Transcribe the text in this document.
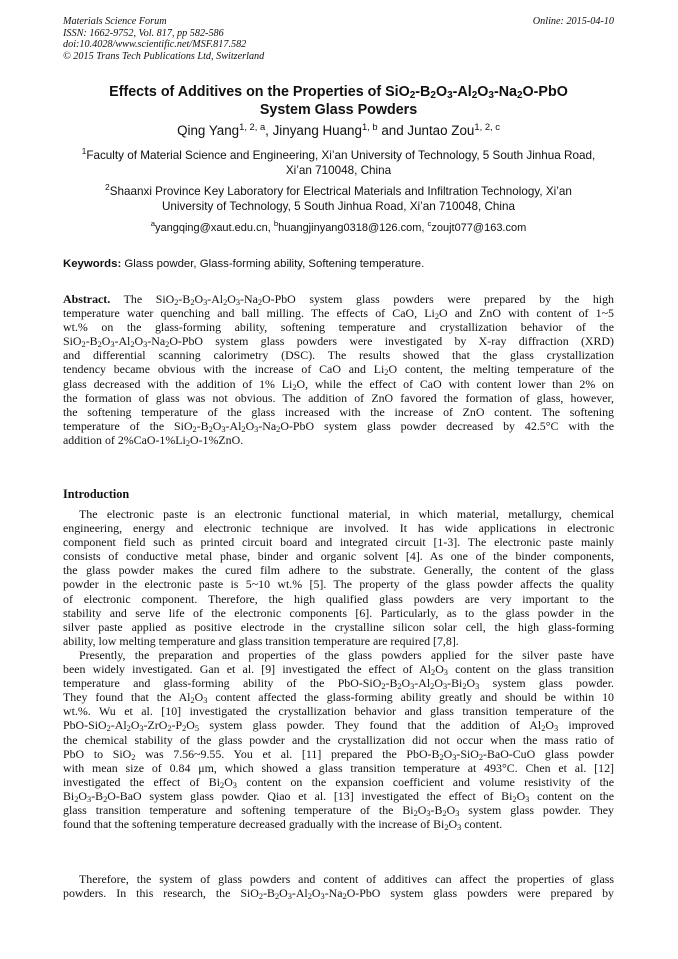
Materials Science Forum
ISSN: 1662-9752, Vol. 817, pp 582-586
doi:10.4028/www.scientific.net/MSF.817.582
© 2015 Trans Tech Publications Ltd, Switzerland
Online: 2015-04-10
Effects of Additives on the Properties of $SiO_2-B_2O_3-Al_2O_3-Na_2O$-PbO
System Glass Powders
Qing Yang$^{1, 2, a}$, Jinyang Huang$^{1, b}$ and Juntao Zou$^{1, 2, c}$
$^1$Faculty of Material Science and Engineering, Xi’an University of Technology, 5 South Jinhua Road,
Xi’an 710048, China
$^2$Shaanxi Province Key Laboratory for Electrical Materials and Infiltration Technology, Xi’an
University of Technology, 5 South Jinhua Road, Xi’an 710048, China
$^a$yangqing@xaut.edu.cn, $^b$huangjinyang0318@126.com, $^c$zoujt077@163.com
Keywords: Glass powder, Glass-forming ability, Softening temperature.
Abstract. The $SiO_2-B_2O_3-Al_2O_3-Na_2O$-PbO system glass powders were prepared by the high
temperature water quenching and ball milling. The effects of CaO, $Li_2O$ and ZnO with content of 1~5
wt.% on the glass-forming ability, softening temperature and crystallization behavior of the
$SiO_2-B_2O_3-Al_2O_3-Na_2O$-PbO system glass powders were investigated by X-ray diffraction (XRD)
and differential scanning calorimetry (DSC). The results showed that the glass crystallization
tendency became obvious with the increase of CaO and $Li_2O$ content, the melting temperature of the
glass decreased with the addition of 1% $Li_2O$, while the effect of CaO with content lower than 2% on
the formation of glass was not obvious. The addition of ZnO favored the formation of glass, however,
the softening temperature of the glass increased with the increase of ZnO content. The softening
temperature of the $SiO_2-B_2O_3-Al_2O_3-Na_2O$-PbO system glass powder decreased by 42.5°C with the
addition of $2\%CaO-1\%Li_2O-1\%ZnO$.
Introduction
The electronic paste is an electronic functional material, in which material, metallurgy, chemical
engineering, energy and electronic technique are involved. It has wide applications in electronic
component field such as printed circuit board and integrated circuit [1-3]. The electronic paste mainly
consists of conductive metal phase, binder and organic solvent [4]. As one of the binder components,
the glass powder makes the cured film adhere to the substrate. Generally, the content of the glass
powder in the electronic paste is 5~10 wt.% [5]. The property of the glass powder affects the quality
of electronic component. Therefore, the high qualified glass powders are very important to the
stability and serve life of the electronic components [6]. Particularly, as to the glass powder in the
silver paste applied as positive electrode in the crystalline silicon solar cell, the high glass-forming
ability, low melting temperature and glass transition temperature are required [7,8].
Presently, the preparation and properties of the glass powders applied for the silver paste have
been widely investigated. Gan et al. [9] investigated the effect of $Al_2O_3$ content on the glass transition
temperature and glass-forming ability of the PbO-$SiO_2-B_2O_3-Al_2O_3-Bi_2O_3$ system glass powder.
They found that the $Al_2O_3$ content affected the glass-forming ability greatly and should be within 10
wt.%. Wu et al. [10] investigated the crystallization behavior and glass transition temperature of the
PbO-$SiO_2-Al_2O_3-ZrO_2-P_2O_5$ system glass powder. They found that the addition of $Al_2O_3$ improved
the chemical stability of the glass powder and the crystallization did not occur when the mass ratio of
PbO to SiO$_2$ was 7.56~9.55. You et al. [11] prepared the PbO-$B_2O_3-SiO_2-BaO$-CuO glass powder
with mean size of 0.84 μm, which showed a glass transition temperature at 493°C. Chen et al. [12]
investigated the effect of $Bi_2O_3$ content on the expansion coefficient and volume resistivity of the
$Bi_2O_3-B_2O$-BaO system glass powder. Qiao et al. [13] investigated the effect of $Bi_2O_3$ content on the
glass transition temperature and softening temperature of the $Bi_2O_3-B_2O_3$ system glass powder. They
found that the softening temperature decreased gradually with the increase of $Bi_2O_3$ content.
Therefore, the system of glass powders and content of additives can affect the properties of glass
powders. In this research, the $SiO_2-B_2O_3-Al_2O_3-Na_2O$-PbO system glass powders were prepared by
